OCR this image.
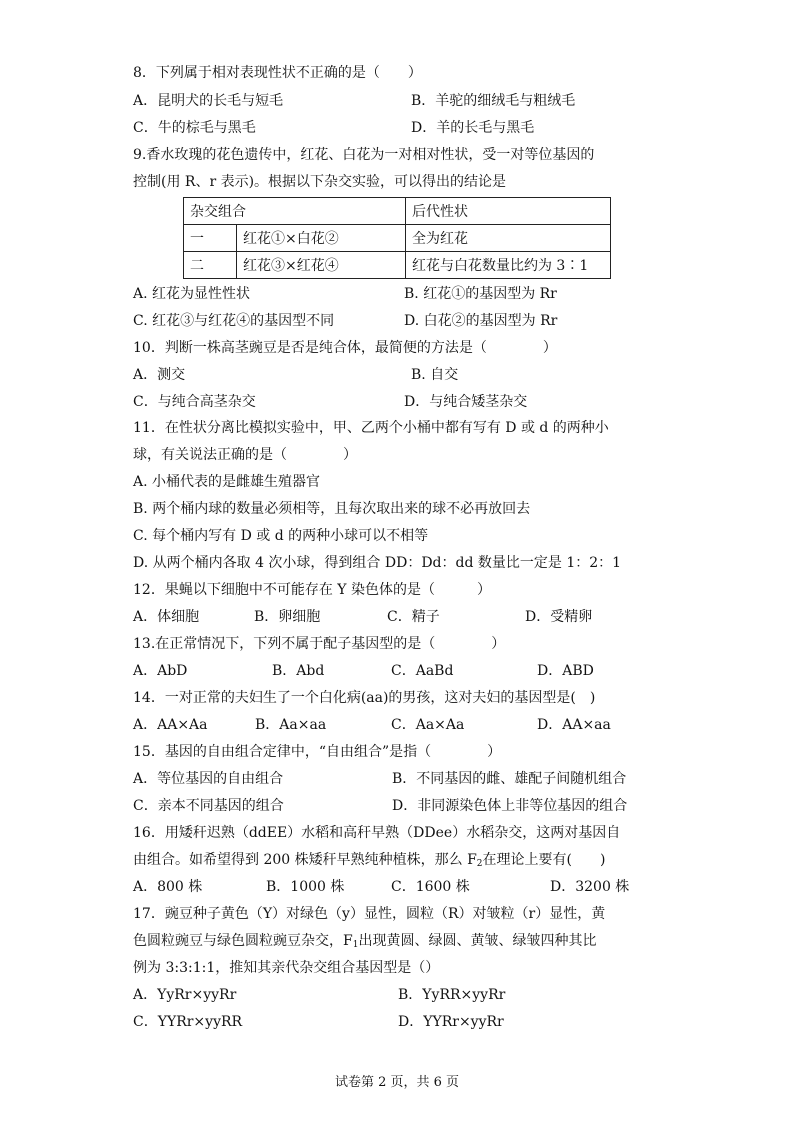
8．下列属于相对表现性状不正确的是（　　）
A．昆明犬的长毛与短毛	B．羊驼的细绒毛与粗绒毛
C．牛的棕毛与黑毛	D．羊的长毛与黑毛
9.香水玫瑰的花色遗传中，红花、白花为一对相对性状，受一对等位基因的
控制(用 R、r 表示)。根据以下杂交实验，可以得出的结论是
杂交组合		后代性状
一	红花①×白花②	全为红花
二	红花③×红花④	红花与白花数量比约为 3∶1
A. 红花为显性性状	B. 红花①的基因型为 Rr
C. 红花③与红花④的基因型不同	D. 白花②的基因型为 Rr
10．判断一株高茎豌豆是否是纯合体，最简便的方法是（　　　　）
A．测交	B. 自交
C．与纯合高茎杂交	D．与纯合矮茎杂交
11．在性状分离比模拟实验中，甲、乙两个小桶中都有写有 D 或 d 的两种小
球，有关说法正确的是（　　　　）
A. 小桶代表的是雌雄生殖器官
B. 两个桶内球的数量必须相等，且每次取出来的球不必再放回去
C. 每个桶内写有 D 或 d 的两种小球可以不相等
D. 从两个桶内各取 4 次小球，得到组合 DD：Dd：dd 数量比一定是 1：2：1
12．果蝇以下细胞中不可能存在 Y 染色体的是（　　　）
A．体细胞	B．卵细胞	C．精子	D．受精卵
13.在正常情况下，下列不属于配子基因型的是（　　　　）
A．AbD	B．Abd	C．AaBd	D．ABD
14．一对正常的夫妇生了一个白化病(aa)的男孩，这对夫妇的基因型是(　)
A．AA×Aa	B．Aa×aa	C．Aa×Aa	D．AA×aa
15．基因的自由组合定律中，“自由组合”是指（　　　　）
A．等位基因的自由组合	B．不同基因的雌、雄配子间随机组合
C．亲本不同基因的组合	D．非同源染色体上非等位基因的组合
16．用矮秆迟熟（ddEE）水稻和高秆早熟（DDee）水稻杂交，这两对基因自
由组合。如希望得到 200 株矮秆早熟纯种植株，那么 $F_2$在理论上要有(　　)
A．800 株	B．1000 株	C．1600 株	D．3200 株
17．豌豆种子黄色（Y）对绿色（y）显性，圆粒（R）对皱粒（r）显性，黄
色圆粒豌豆与绿色圆粒豌豆杂交，$F_1$出现黄圆、绿圆、黄皱、绿皱四种其比
例为 3:3:1:1，推知其亲代杂交组合基因型是（）
A．YyRr×yyRr	B．YyRR×yyRr
C．YYRr×yyRR	D．YYRr×yyRr
试卷第 2 页，共 6 页
